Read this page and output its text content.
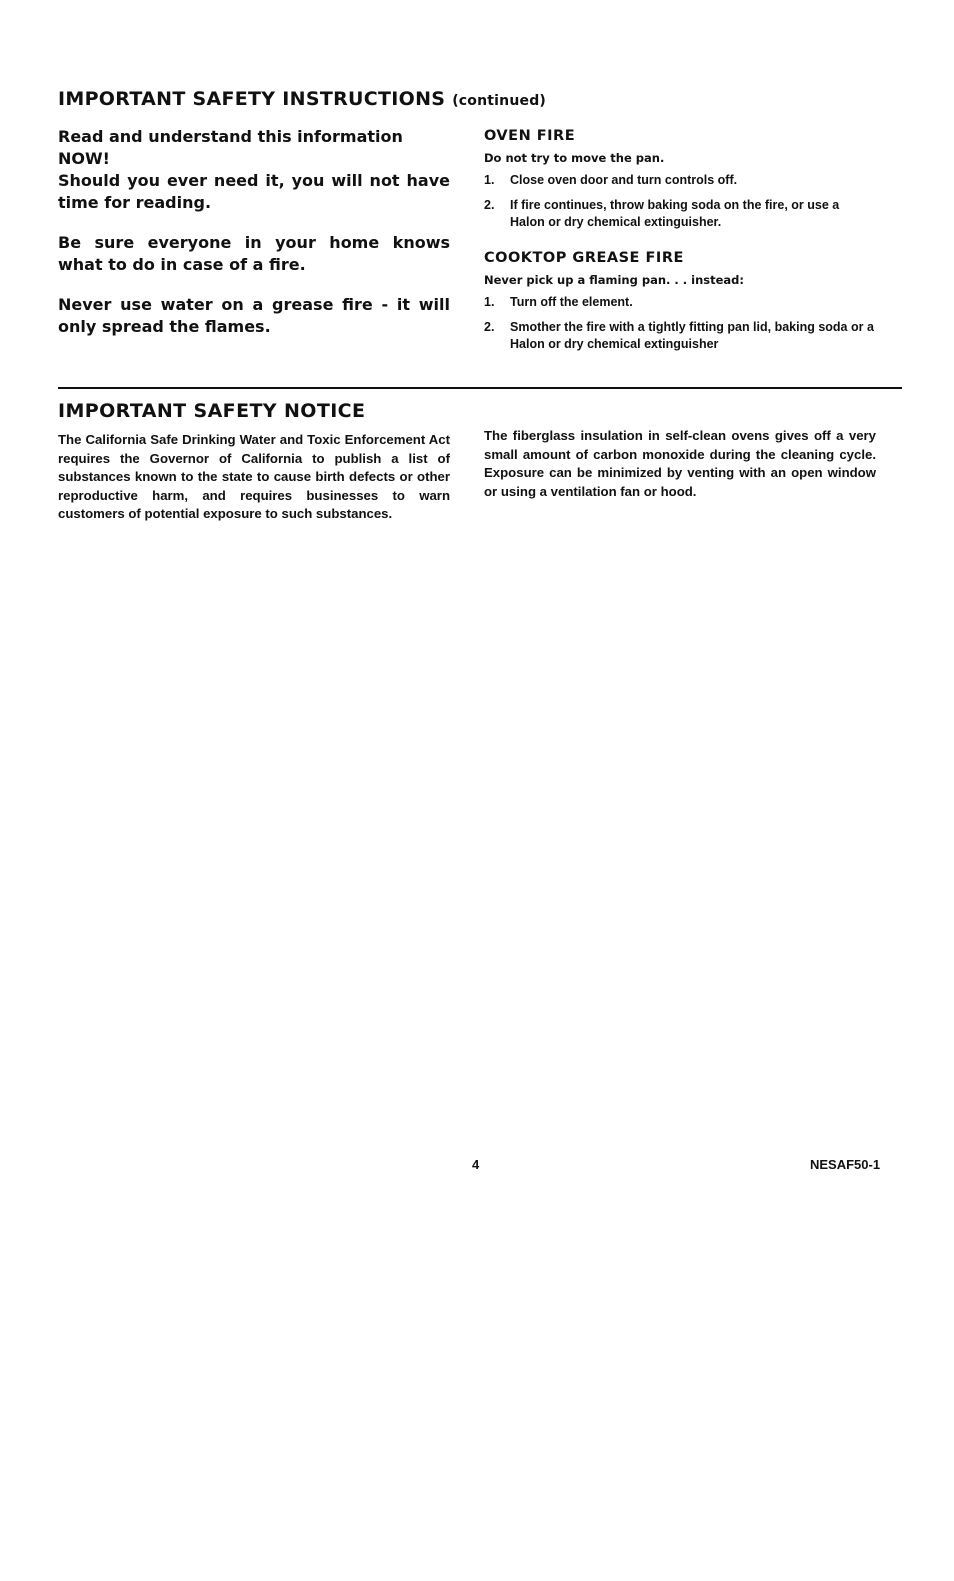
IMPORTANT SAFETY INSTRUCTIONS (continued)

Read and understand this information NOW!

Should you ever need it, you will not have time for reading.

Be sure everyone in your home knows what to do in case of a fire.

Never use water on a grease fire - it will only spread the flames.

OVEN FIRE

Do not try to move the pan.

1. Close oven door and turn controls off.
2. If fire continues, throw baking soda on the fire, or use a Halon or dry chemical extinguisher.
COOKTOP GREASE FIRE

Never pick up a flaming pan. . . instead:

1. Turn off the element.
2. Smother the fire with a tightly fitting pan lid, baking soda or a Halon or dry chemical extinguisher
IMPORTANT SAFETY NOTICE

The California Safe Drinking Water and Toxic Enforcement Act requires the Governor of California to publish a list of substances known to the state to cause birth defects or other reproductive harm, and requires businesses to warn customers of potential exposure to such substances.

The fiberglass insulation in self-clean ovens gives off a very small amount of carbon monoxide during the cleaning cycle. Exposure can be minimized by venting with an open window or using a ventilation fan or hood.

4	NESAF50-1
